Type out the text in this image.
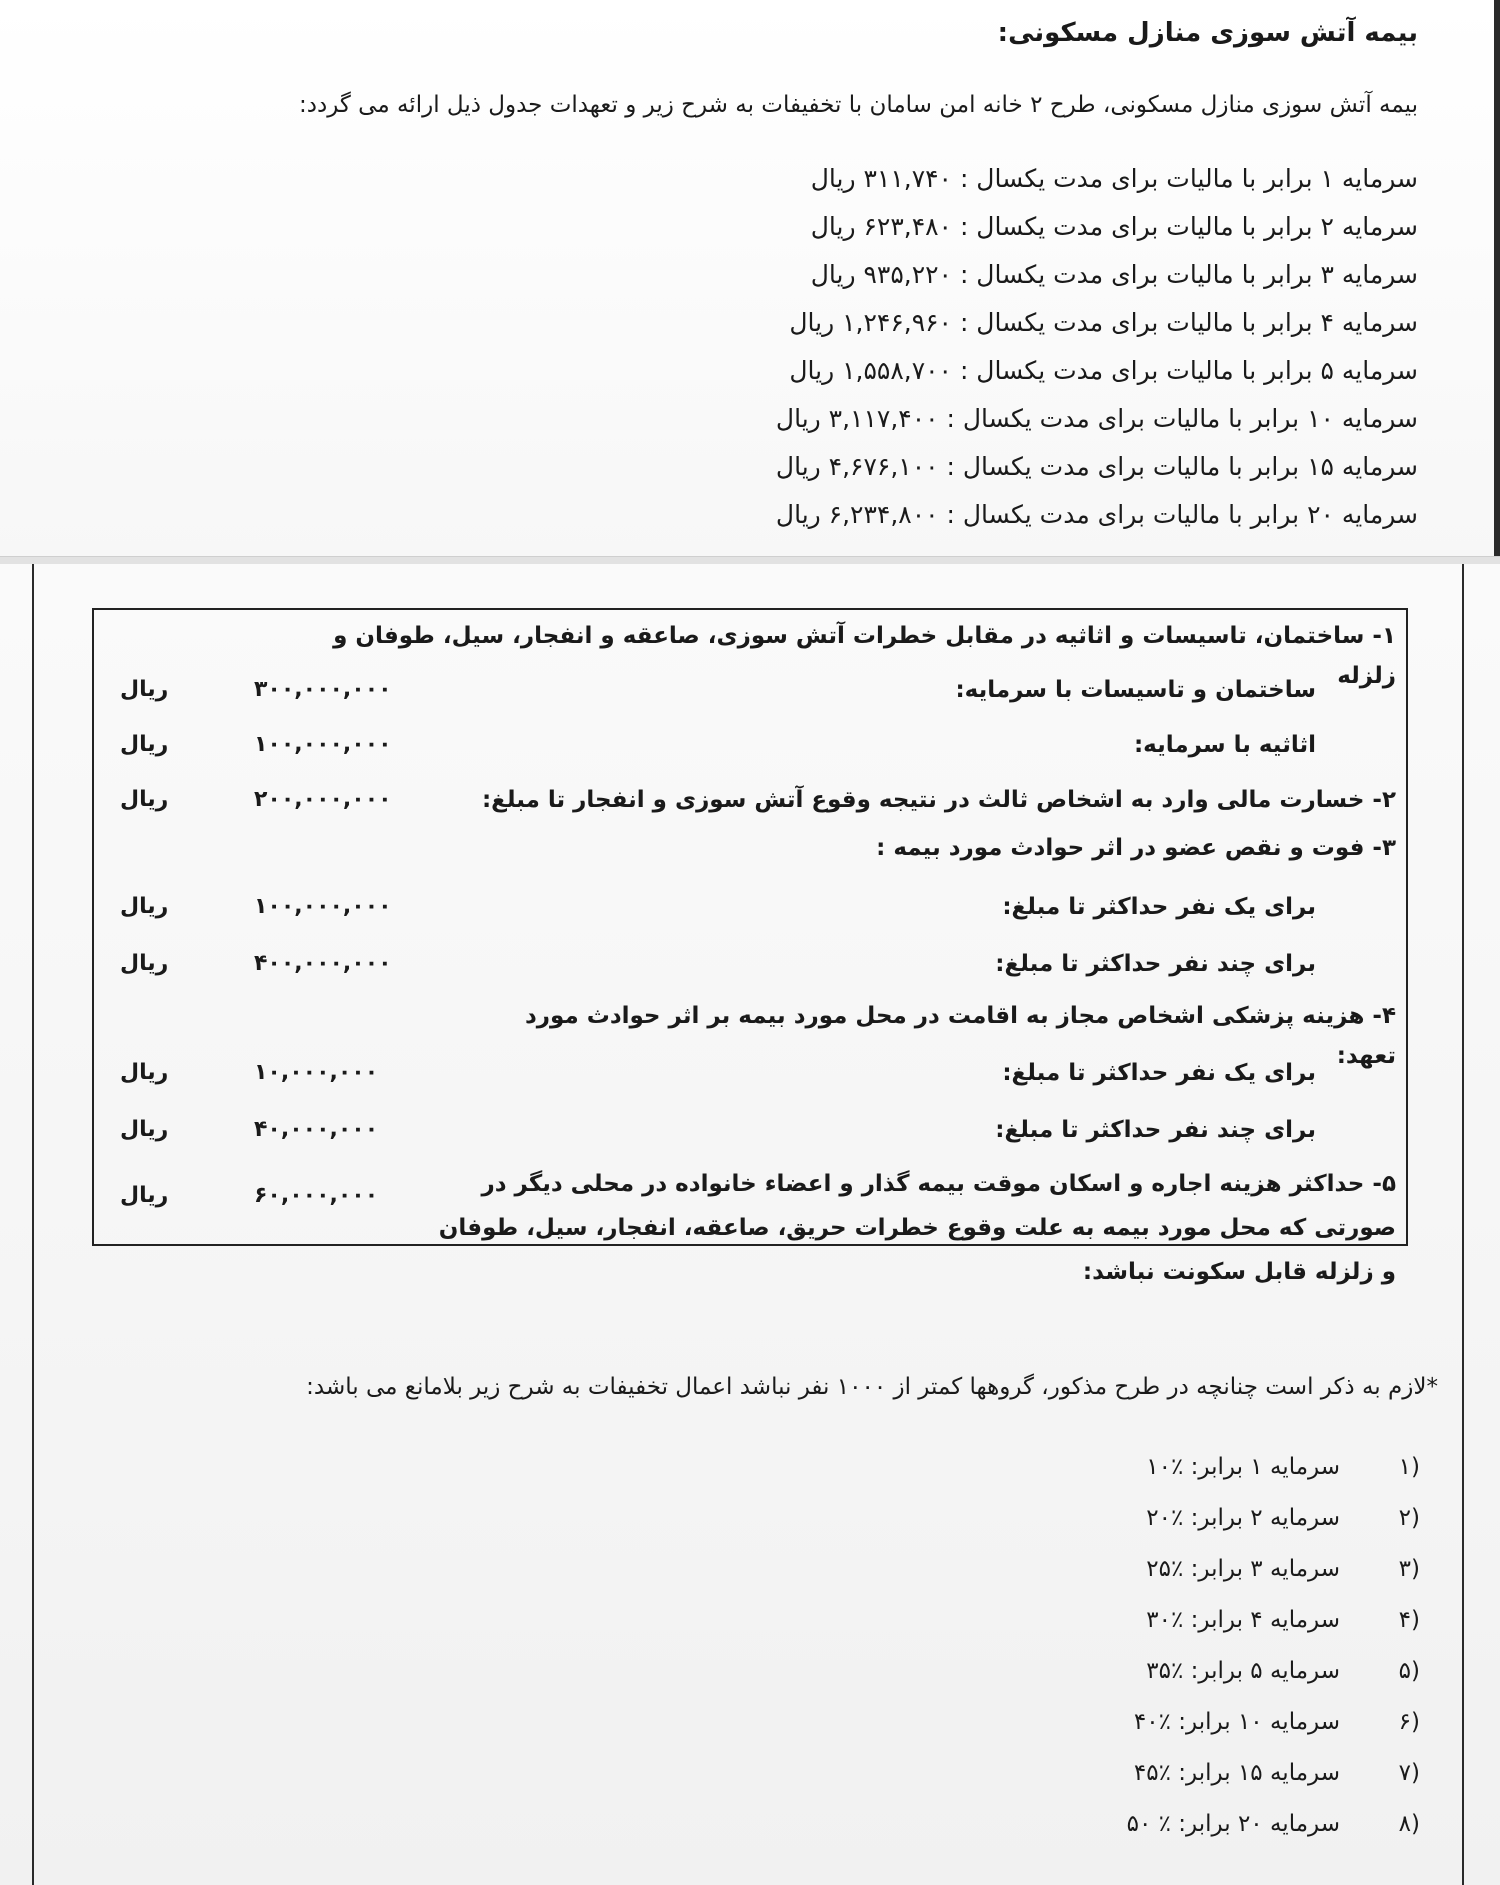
بیمه آتش سوزی منازل مسکونی:
بیمه آتش سوزی منازل مسکونی، طرح ۲ خانه امن سامان با تخفیفات به شرح زیر و تعهدات جدول ذیل ارائه می گردد:
سرمایه ۱ برابر با مالیات برای مدت یکسال : ۳۱۱,۷۴۰ ریال
سرمایه ۲ برابر با مالیات برای مدت یکسال : ۶۲۳,۴۸۰ ریال
سرمایه ۳ برابر با مالیات برای مدت یکسال : ۹۳۵,۲۲۰ ریال
سرمایه ۴ برابر با مالیات برای مدت یکسال : ۱,۲۴۶,۹۶۰ ریال
سرمایه ۵ برابر با مالیات برای مدت یکسال : ۱,۵۵۸,۷۰۰ ریال
سرمایه ۱۰ برابر با مالیات برای مدت یکسال : ۳,۱۱۷,۴۰۰ ریال
سرمایه ۱۵ برابر با مالیات برای مدت یکسال : ۴,۶۷۶,۱۰۰ ریال
سرمایه ۲۰ برابر با مالیات برای مدت یکسال : ۶,۲۳۴,۸۰۰ ریال
۱- ساختمان، تاسیسات و اثاثیه در مقابل خطرات آتش سوزی، صاعقه و انفجار، سیل، طوفان و زلزله
ساختمان و تاسیسات با سرمایه:
۳۰۰,۰۰۰,۰۰۰
ریال
اثاثیه با سرمایه:
۱۰۰,۰۰۰,۰۰۰
ریال
۲- خسارت مالی وارد به اشخاص ثالث در نتیجه وقوع آتش سوزی و انفجار تا مبلغ:
۲۰۰,۰۰۰,۰۰۰
ریال
۳- فوت و نقص عضو در اثر حوادث مورد بیمه :
برای یک نفر حداکثر تا مبلغ:
۱۰۰,۰۰۰,۰۰۰
ریال
برای چند نفر حداکثر تا مبلغ:
۴۰۰,۰۰۰,۰۰۰
ریال
۴- هزینه پزشکی اشخاص مجاز به اقامت در محل مورد بیمه بر اثر حوادث مورد تعهد:
برای یک نفر حداکثر تا مبلغ:
۱۰,۰۰۰,۰۰۰
ریال
برای چند نفر حداکثر تا مبلغ:
۴۰,۰۰۰,۰۰۰
ریال
۵- حداکثر هزینه اجاره و اسکان موقت بیمه گذار و اعضاء خانواده در محلی دیگر در صورتی که محل مورد بیمه به علت وقوع خطرات حریق، صاعقه، انفجار، سیل، طوفان و زلزله قابل سکونت نباشد:
۶۰,۰۰۰,۰۰۰
ریال
*لازم به ذکر است چنانچه در طرح مذکور، گروهها کمتر از ۱۰۰۰ نفر نباشد اعمال تخفیفات به شرح زیر بلامانع می باشد:
۱)
سرمایه ۱ برابر: ٪۱۰
۲)
سرمایه ۲ برابر: ٪۲۰
۳)
سرمایه ۳ برابر: ٪۲۵
۴)
سرمایه ۴ برابر: ٪۳۰
۵)
سرمایه ۵ برابر: ٪۳۵
۶)
سرمایه ۱۰ برابر: ٪۴۰
۷)
سرمایه ۱۵ برابر: ٪۴۵
۸)
سرمایه ۲۰ برابر: ٪ ۵۰
